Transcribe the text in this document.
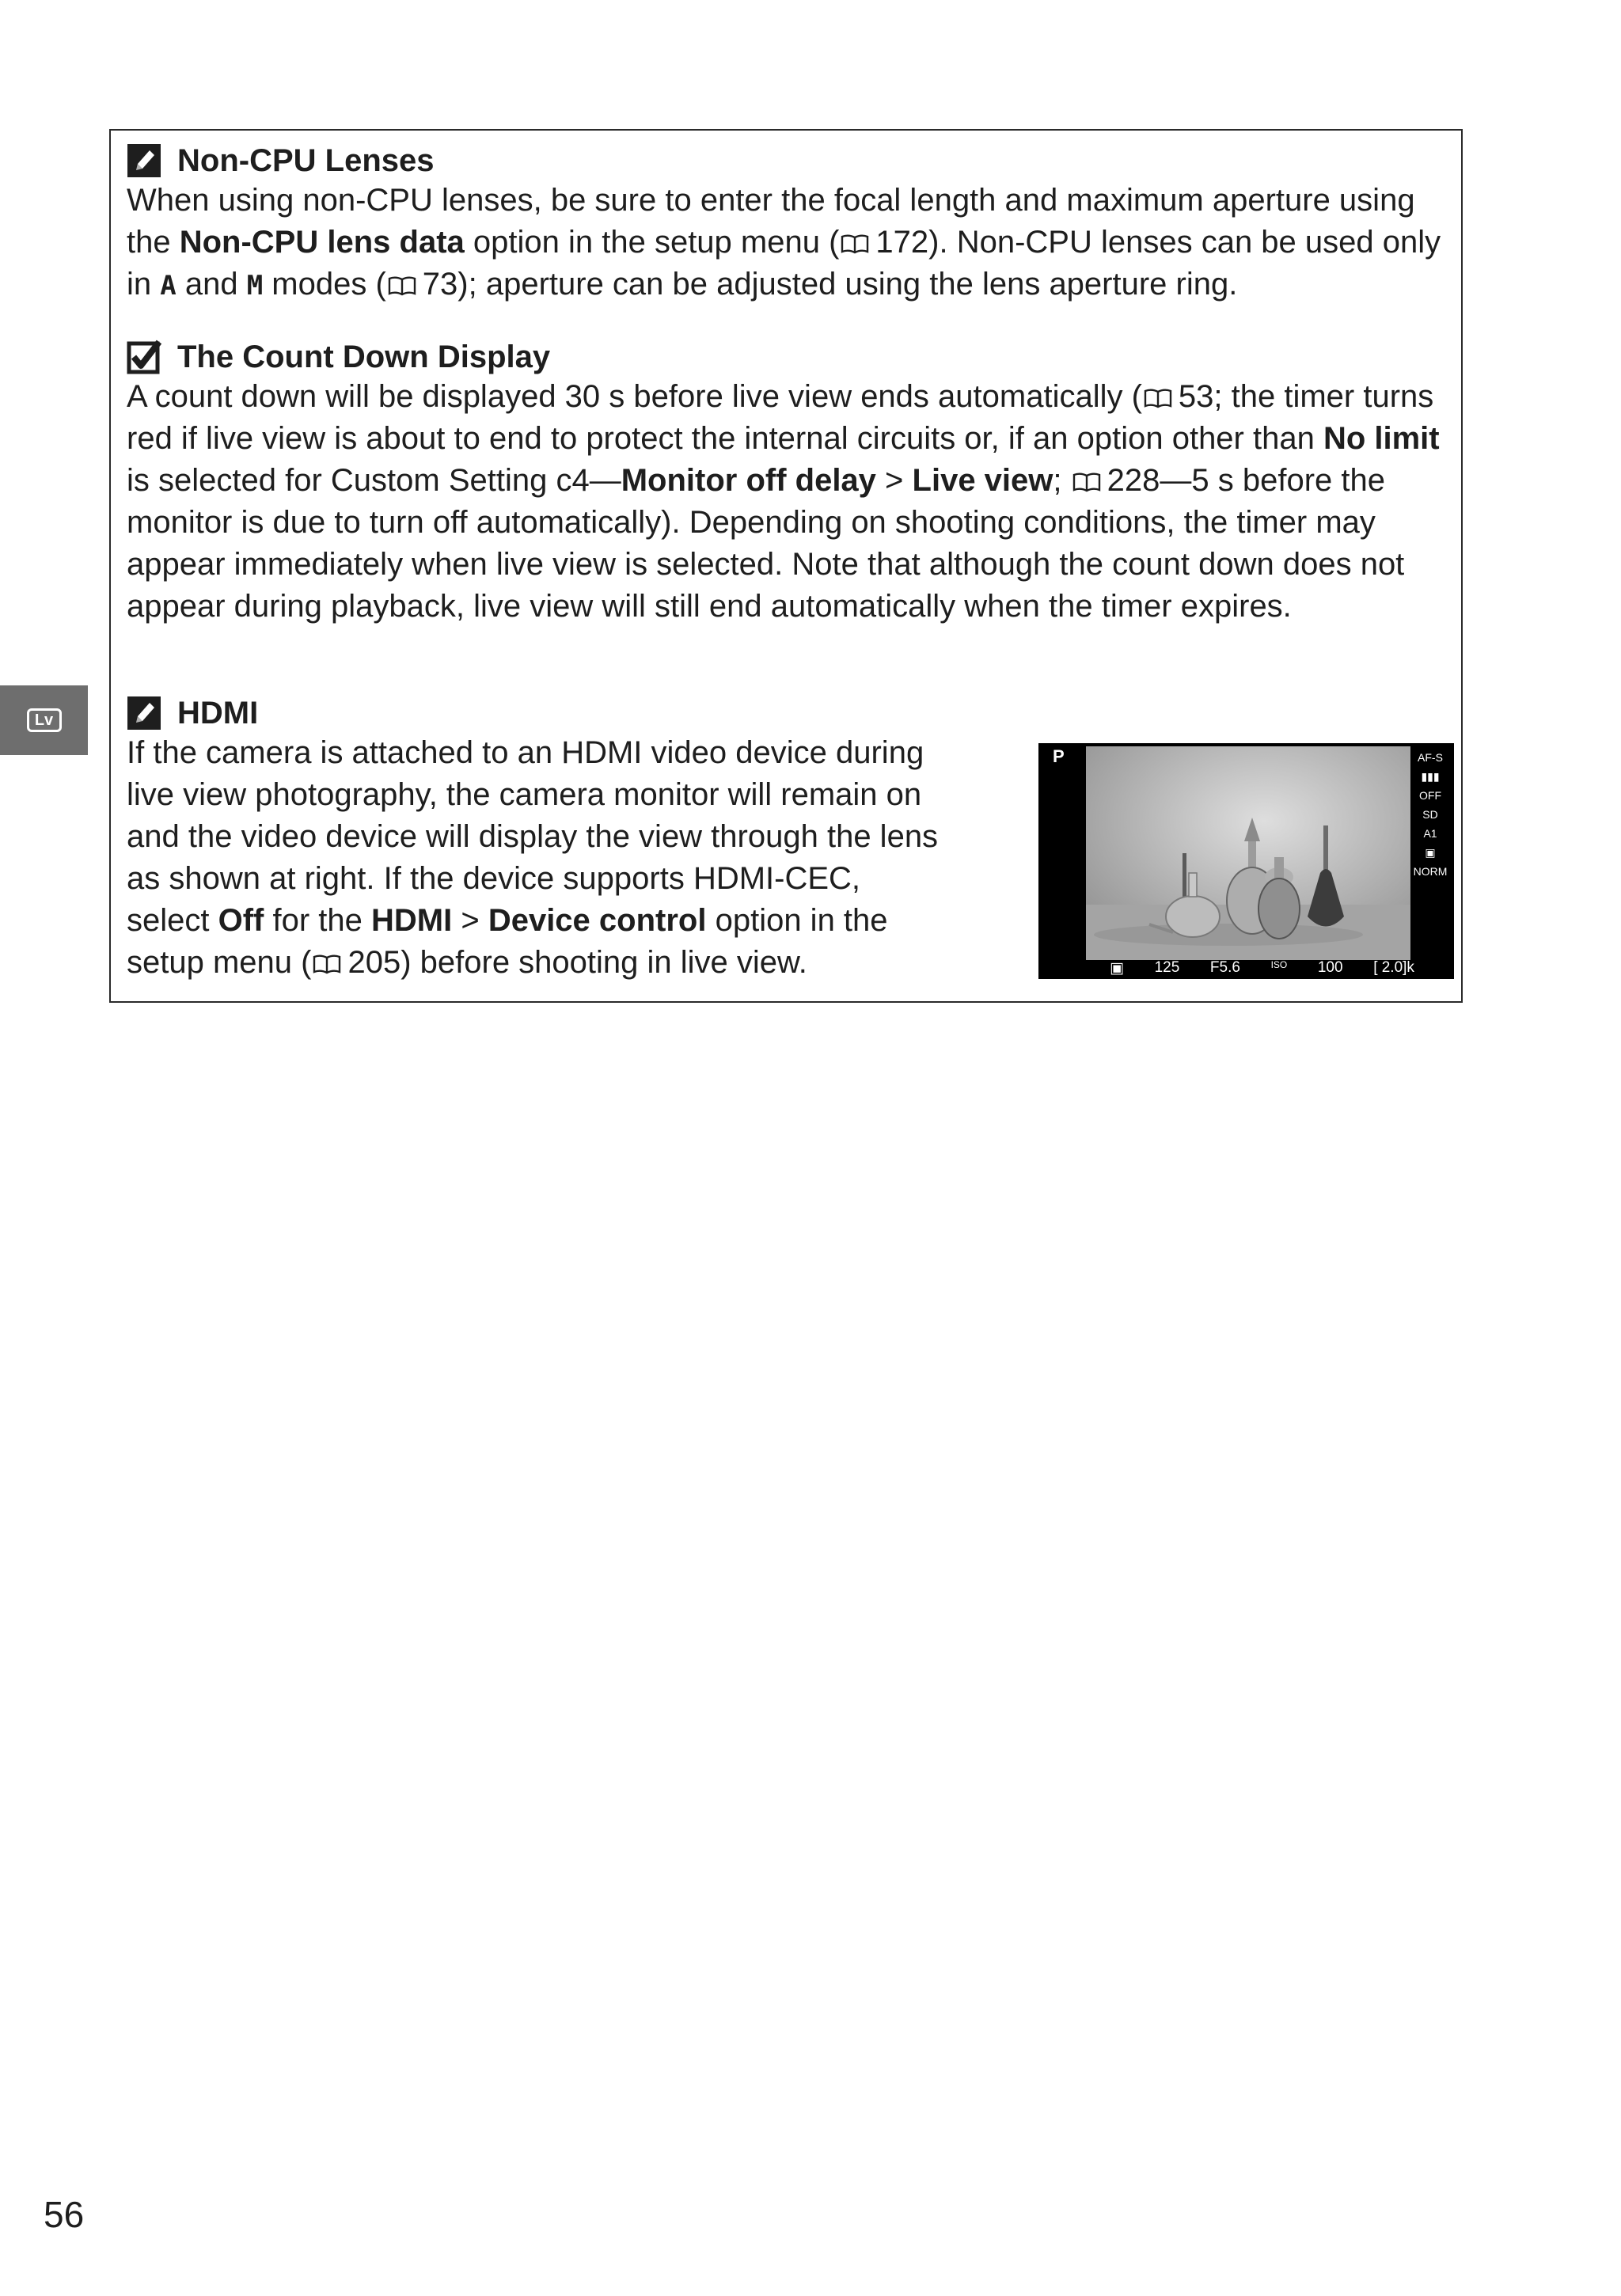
Lv
Non-CPU Lenses

When using non-CPU lenses, be sure to enter the focal length and maximum aperture using the Non-CPU lens data option in the setup menu ( 172). Non-CPU lenses can be used only in A and M modes ( 73); aperture can be adjusted using the lens aperture ring.

The Count Down Display

A count down will be displayed 30 s before live view ends automatically ( 53; the timer turns red if live view is about to end to protect the internal circuits or, if an option other than No limit is selected for Custom Setting c4—Monitor off delay > Live view; 228—5 s before the monitor is due to turn off automatically). Depending on shooting conditions, the timer may appear immediately when live view is selected. Note that although the count down does not appear during playback, live view will still end automatically when the timer expires.

HDMI

If the camera is attached to an HDMI video device during live view photography, the camera monitor will remain on and the video device will display the view through the lens as shown at right. If the device supports HDMI-CEC, select Off for the HDMI > Device control option in the setup menu ( 205) before shooting in live view.

P	AF-S
▮▮▮
OFF
SD
A1
▣
NORM
▣ 125 F5.6	ISO 100 [ 2.0]k
56
